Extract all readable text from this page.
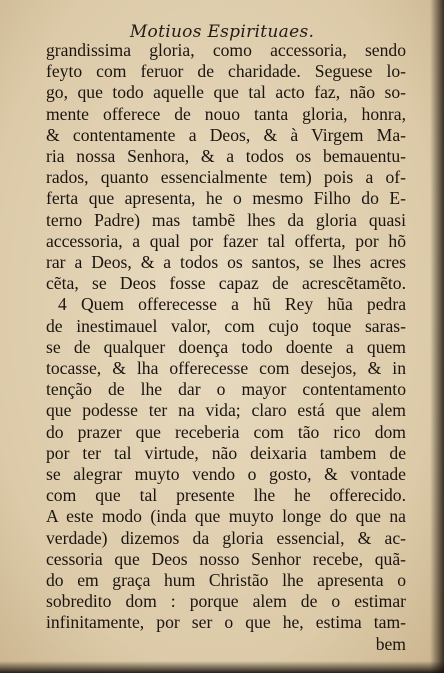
Motiuos Espirituaes.
grandissima gloria, como accessoria, sendo
feyto com feruor de charidade. Seguese lo-
go, que todo aquelle que tal acto faz, não so-
mente offerece de nouo tanta gloria, honra,
& contentamente a Deos, & à Virgem Ma-
ria nossa Senhora, & a todos os bemauentu-
rados, quanto essencialmente tem) pois a of-
ferta que apresenta, he o mesmo Filho do E-
terno Padre) mas tambẽ lhes da gloria quasi
accessoria, a qual por fazer tal offerta, por hõ
rar a Deos, & a todos os santos, se lhes acres
cẽta, se Deos fosse capaz de acrescẽtamẽto.
4 Quem offerecesse a hũ Rey hũa pedra
de inestimauel valor, com cujo toque saras-
se de qualquer doença todo doente a quem
tocasse, & lha offerecesse com desejos, & in
tenção de lhe dar o mayor contentamento
que podesse ter na vida; claro está que alem
do prazer que receberia com tão rico dom
por ter tal virtude, não deixaria tambem de
se alegrar muyto vendo o gosto, & vontade
com que tal presente lhe he offerecido.
A este modo (inda que muyto longe do que na
verdade) dizemos da gloria essencial, & ac-
cessoria que Deos nosso Senhor recebe, quã-
do em graça hum Christão lhe apresenta o
sobredito dom : porque alem de o estimar
infinitamente, por ser o que he, estima tam-
bem
